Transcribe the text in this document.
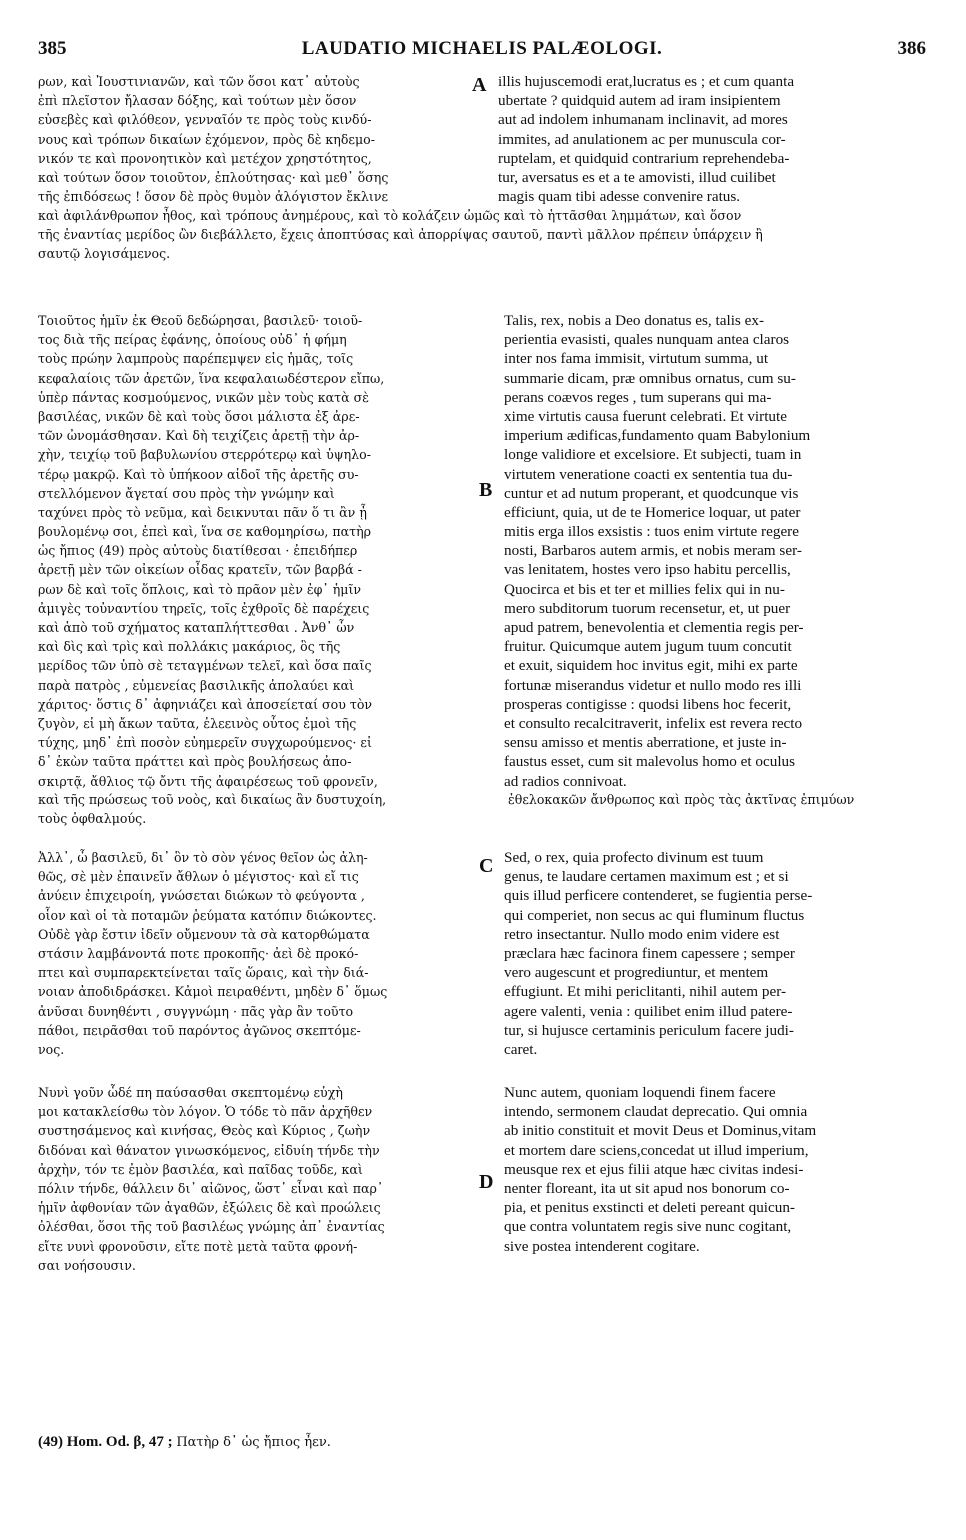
385	LAUDATIO MICHAELIS PALÆOLOGI.	386
ρων, καὶ Ἰουστινιανῶν, καὶ τῶν ὅσοι κατ᾽ αὐτοὺς
ἐπὶ πλεῖστον ἤλασαν δόξης, καὶ τούτων μὲν ὅσον
εὐσεβὲς καὶ φιλόθεον, γενναῖόν τε πρὸς τοὺς κινδύ-
νους καὶ τρόπων δικαίων ἐχόμενον, πρὸς δὲ κηδεμο-
νικόν τε καὶ προνοητικὸν καὶ μετέχον χρηστότητος,
καὶ τούτων ὅσον τοιοῦτον, ἐπλούτησας· καὶ μεθ᾽ ὅσης
τῆς ἐπιδόσεως ! ὅσον δὲ πρὸς θυμὸν ἀλόγιστον ἔκλινε
A illis hujuscemodi erat,lucratus es ; et cum quanta
ubertate ? quidquid autem ad iram insipientem
aut ad indolem inhumanam inclinavit, ad mores
immites, ad anulationem ac per munuscula cor-
ruptelam, et quidquid contrarium reprehendeba-
tur, aversatus es et a te amovisti, illud cuilibet
magis quam tibi adesse convenire ratus.
καὶ ἀφιλάνθρωπον ἦθος, καὶ τρόπους ἀνημέρους, καὶ τὸ κολάζειν ὠμῶς καὶ τὸ ἡττᾶσθαι λημμάτων, καὶ ὅσον
τῆς ἐναντίας μερίδος ὢν διεβάλλετο, ἔχεις ἀποπτύσας καὶ ἀπορρίψας σαυτοῦ, παντὶ μᾶλλον πρέπειν ὑπάρχειν ἢ
σαυτῷ λογισάμενος.
Τοιοῦτος ἡμῖν ἐκ Θεοῦ δεδώρησαι, βασιλεῦ· τοιοῦ-
τος διὰ τῆς πείρας ἐφάνης, ὁποίους οὐδ᾽ ἡ φήμη
τοὺς πρώην λαμπροὺς παρέπεμψεν εἰς ἡμᾶς, τοῖς
κεφαλαίοις τῶν ἀρετῶν, ἵνα κεφαλαιωδέστερον εἴπω,
ὑπὲρ πάντας κοσμούμενος, νικῶν μὲν τοὺς κατὰ σὲ
βασιλέας, νικῶν δὲ καὶ τοὺς ὅσοι μάλιστα ἐξ ἀρε-
τῶν ὠνομάσθησαν. Καὶ δὴ τειχίζεις ἀρετῇ τὴν ἀρ-
χὴν, τειχίῳ τοῦ βαβυλωνίου στερρότερῳ καὶ ὑψηλο-
τέρῳ μακρῷ. Καὶ τὸ ὑπήκοον αἰδοῖ τῆς ἀρετῆς συ-
στελλόμενον ἄγεταί σου πρὸς τὴν γνώμην καὶ
ταχύνει πρὸς τὸ νεῦμα, καὶ δεικνυται πᾶν ὅ τι ἂν ᾖ
βουλομένῳ σοι, ἐπεὶ καὶ, ἵνα σε καθομηρίσω, πατὴρ
ὡς ἤπιος (49) πρὸς αὐτοὺς διατίθεσαι · ἐπειδήπερ
ἀρετῇ μὲν τῶν οἰκείων οἶδας κρατεῖν, τῶν βαρβά -
ρων δὲ καὶ τοῖς ὅπλοις, καὶ τὸ πρᾶον μὲν ἐφ᾽ ἡμῖν
ἀμιγὲς τοὐναντίου τηρεῖς, τοῖς ἐχθροῖς δὲ παρέχεις
καὶ ἀπὸ τοῦ σχήματος καταπλήττεσθαι . Ἀνθ᾽ ὧν
καὶ δὶς καὶ τρὶς καὶ πολλάκις μακάριος, ὃς τῆς
μερίδος τῶν ὑπὸ σὲ τεταγμένων τελεῖ, καὶ ὅσα παῖς
παρὰ πατρὸς , εὐμενείας βασιλικῆς ἀπολαύει καὶ
χάριτος· ὅστις δ᾽ ἀφηνιάζει καὶ ἀποσείεταί σου τὸν
ζυγὸν, εἰ μὴ ἄκων ταῦτα, ἐλεεινὸς οὗτος ἐμοὶ τῆς
τύχης, μηδ᾽ ἐπὶ ποσὸν εὐημερεῖν συγχωρούμενος· εἰ
δ᾽ ἑκὼν ταῦτα πράττει καὶ πρὸς βουλήσεως ἀπο-
σκιρτᾷ, ἄθλιος τῷ ὄντι τῆς ἀφαιρέσεως τοῦ φρονεῖν,
B
Talis, rex, nobis a Deo donatus es, talis ex-
perientia evasisti, quales nunquam antea claros
inter nos fama immisit, virtutum summa, ut
summarie dicam, præ omnibus ornatus, cum su-
perans coævos reges , tum superans qui ma-
xime virtutis causa fuerunt celebrati. Et virtute
imperium ædificas,fundamento quam Babylonium
longe validiore et excelsiore. Et subjecti, tuam in
virtutem veneratione coacti ex sententia tua du-
cuntur et ad nutum properant, et quodcunque vis
efficiunt, quia, ut de te Homerice loquar, ut pater
mitis erga illos exsistis : tuos enim virtute regere
nosti, Barbaros autem armis, et nobis meram ser-
vas lenitatem, hostes vero ipso habitu percellis,
Quocirca et bis et ter et millies felix qui in nu-
mero subditorum tuorum recensetur, et, ut puer
apud patrem, benevolentia et clementia regis per-
fruitur. Quicumque autem jugum tuum concutit
et exuit, siquidem hoc invitus egit, mihi ex parte
fortunæ miserandus videtur et nullo modo res illi
prosperas contigisse : quodsi libens hoc fecerit,
et consulto recalcitraverit, infelix est revera recto
sensu amisso et mentis aberratione, et juste in-
faustus esset, cum sit malevolus homo et oculus
ad radios connivoat.
καὶ τῆς πρώσεως τοῦ νοὸς, καὶ δικαίως ἂν δυστυχοίη,	ἐθελοκακῶν ἄνθρωπος καὶ πρὸς τὰς ἀκτῖνας ἐπιμύων
τοὺς ὀφθαλμούς.
Ἀλλ᾽, ὦ βασιλεῦ, δι᾽ ὃν τὸ σὸν γένος θεῖον ὡς ἀλη-
θῶς, σὲ μὲν ἐπαινεῖν ἄθλων ὁ μέγιστος· καὶ εἴ τις
ἀνύειν ἐπιχειροίη, γνώσεται διώκων τὸ φεύγοντα ,
οἷον καὶ οἱ τὰ ποταμῶν ῥεύματα κατόπιν διώκοντες.
Οὐδὲ γὰρ ἔστιν ἰδεῖν οὔμενουν τὰ σὰ κατορθώματα
στάσιν λαμβάνοντά ποτε προκοπῆς· ἀεὶ δὲ προκό-
πτει καὶ συμπαρεκτείνεται ταῖς ὥραις, καὶ τὴν διά-
νοιαν ἀποδιδράσκει. Κἀμοὶ πειραθέντι, μηδὲν δ᾽ ὅμως
ἀνῦσαι δυνηθέντι , συγγνώμη · πᾶς γὰρ ἂν τοῦτο
πάθοι, πειρᾶσθαι τοῦ παρόντος ἀγῶνος σκεπτόμε-
νος.
C Sed, o rex, quia profecto divinum est tuum
genus, te laudare certamen maximum est ; et si
quis illud perficere contenderet, se fugientia perse-
qui comperiet, non secus ac qui fluminum fluctus
retro insectantur. Nullo modo enim videre est
præclara hæc facinora finem capessere ; semper
vero augescunt et progrediuntur, et mentem
effugiunt. Et mihi periclitanti, nihil autem per-
agere valenti, venia : quilibet enim illud patere-
tur, si hujusce certaminis periculum facere judi-
caret.
Νυνὶ γοῦν ὧδέ πη παύσασθαι σκεπτομένῳ εὐχὴ
μοι κατακλείσθω τὸν λόγον. Ὁ τόδε τὸ πᾶν ἀρχῆθεν
συστησάμενος καὶ κινήσας, Θεὸς καὶ Κύριος , ζωὴν
διδόναι καὶ θάνατον γινωσκόμενος, εἰδυίη τήνδε τὴν
ἀρχὴν, τόν τε ἐμὸν βασιλέα, καὶ παῖδας τοῦδε, καὶ
πόλιν τήνδε, θάλλειν δι᾽ αἰῶνος, ὥστ᾽ εἶναι καὶ παρ᾽
ἡμῖν ἀφθονίαν τῶν ἀγαθῶν, ἐξώλεις δὲ καὶ προώλεις
ὀλέσθαι, ὅσοι τῆς τοῦ βασιλέως γνώμης ἀπ᾽ ἐναντίας
εἴτε νυνὶ φρονοῦσιν, εἴτε ποτὲ μετὰ ταῦτα φρονή-
σαι νοήσουσιν.
D
Nunc autem, quoniam loquendi finem facere
intendo, sermonem claudat deprecatio. Qui omnia
ab initio constituit et movit Deus et Dominus,vitam
et mortem dare sciens,concedat ut illud imperium,
meusque rex et ejus filii atque hæc civitas indesi-
nenter floreant, ita ut sit apud nos bonorum co-
pia, et penitus exstincti et deleti pereant quicun-
que contra voluntatem regis sive nunc cogitant,
sive postea intenderent cogitare.
(49) Hom. Od. β, 47 ; Πατὴρ δ᾽ ὡς ἤπιος ἦεν.
